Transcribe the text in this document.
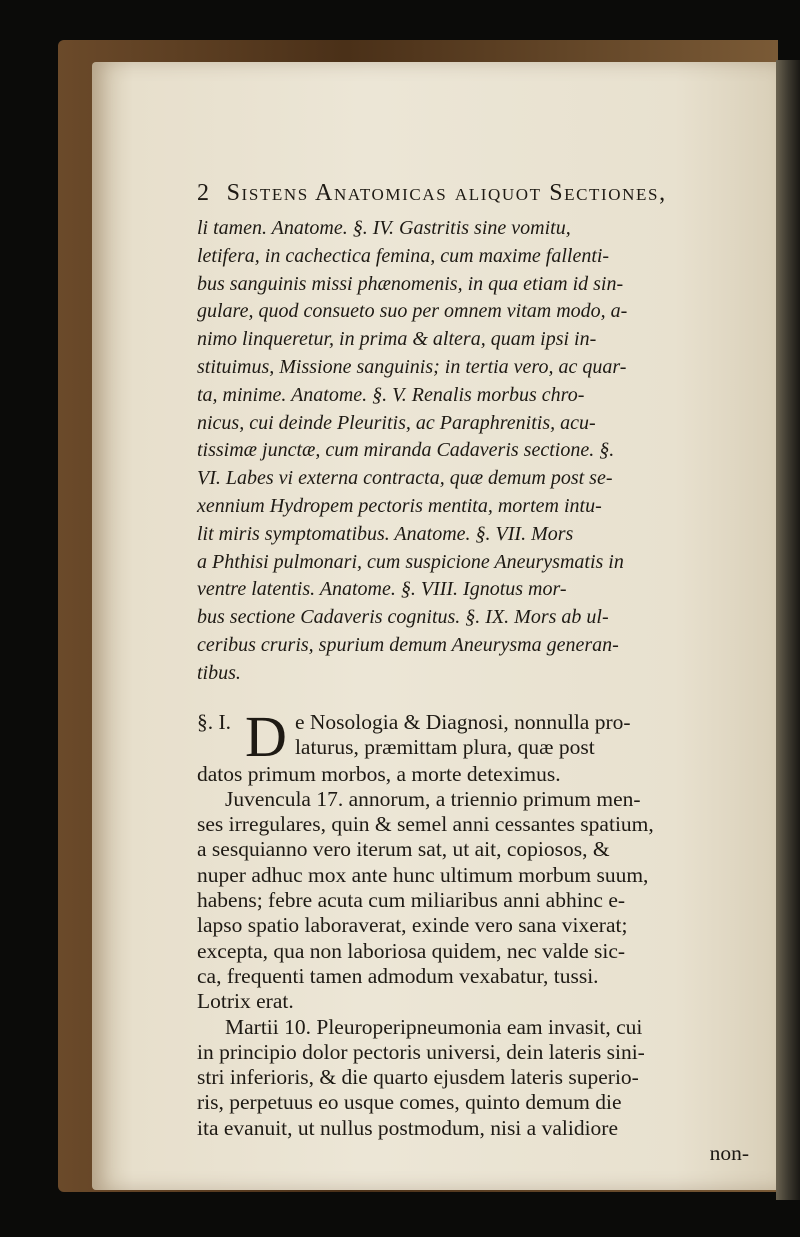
2 Sistens Anatomicas aliquot Sectiones,

li tamen. Anatome. §. IV. Gastritis sine vomitu,

letifera, in cachectica femina, cum maxime fallenti-

bus sanguinis missi phænomenis, in qua etiam id sin-

gulare, quod consueto suo per omnem vitam modo, a-

nimo linqueretur, in prima & altera, quam ipsi in-

stituimus, Missione sanguinis; in tertia vero, ac quar-

ta, minime. Anatome. §. V. Renalis morbus chro-

nicus, cui deinde Pleuritis, ac Paraphrenitis, acu-

tissimæ junctæ, cum miranda Cadaveris sectione. §.

VI. Labes vi externa contracta, quæ demum post se-

xennium Hydropem pectoris mentita, mortem intu-

lit miris symptomatibus. Anatome. §. VII. Mors

a Phthisi pulmonari, cum suspicione Aneurysmatis in

ventre latentis. Anatome. §. VIII. Ignotus mor-

bus sectione Cadaveris cognitus. §. IX. Mors ab ul-

ceribus cruris, spurium demum Aneurysma generan-

tibus.

§. I. D e Nosologia & Diagnosi, nonnulla pro-
laturus, præmittam plura, quæ post

datos primum morbos, a morte deteximus.

Juvencula 17. annorum, a triennio primum men-

ses irregulares, quin & semel anni cessantes spatium,

a sesquianno vero iterum sat, ut ait, copiosos, &

nuper adhuc mox ante hunc ultimum morbum suum,

habens; febre acuta cum miliaribus anni abhinc e-

lapso spatio laboraverat, exinde vero sana vixerat;

excepta, qua non laboriosa quidem, nec valde sic-

ca, frequenti tamen admodum vexabatur, tussi.

Lotrix erat.

Martii 10. Pleuroperipneumonia eam invasit, cui

in principio dolor pectoris universi, dein lateris sini-

stri inferioris, & die quarto ejusdem lateris superio-

ris, perpetuus eo usque comes, quinto demum die

ita evanuit, ut nullus postmodum, nisi a validiore

non-
